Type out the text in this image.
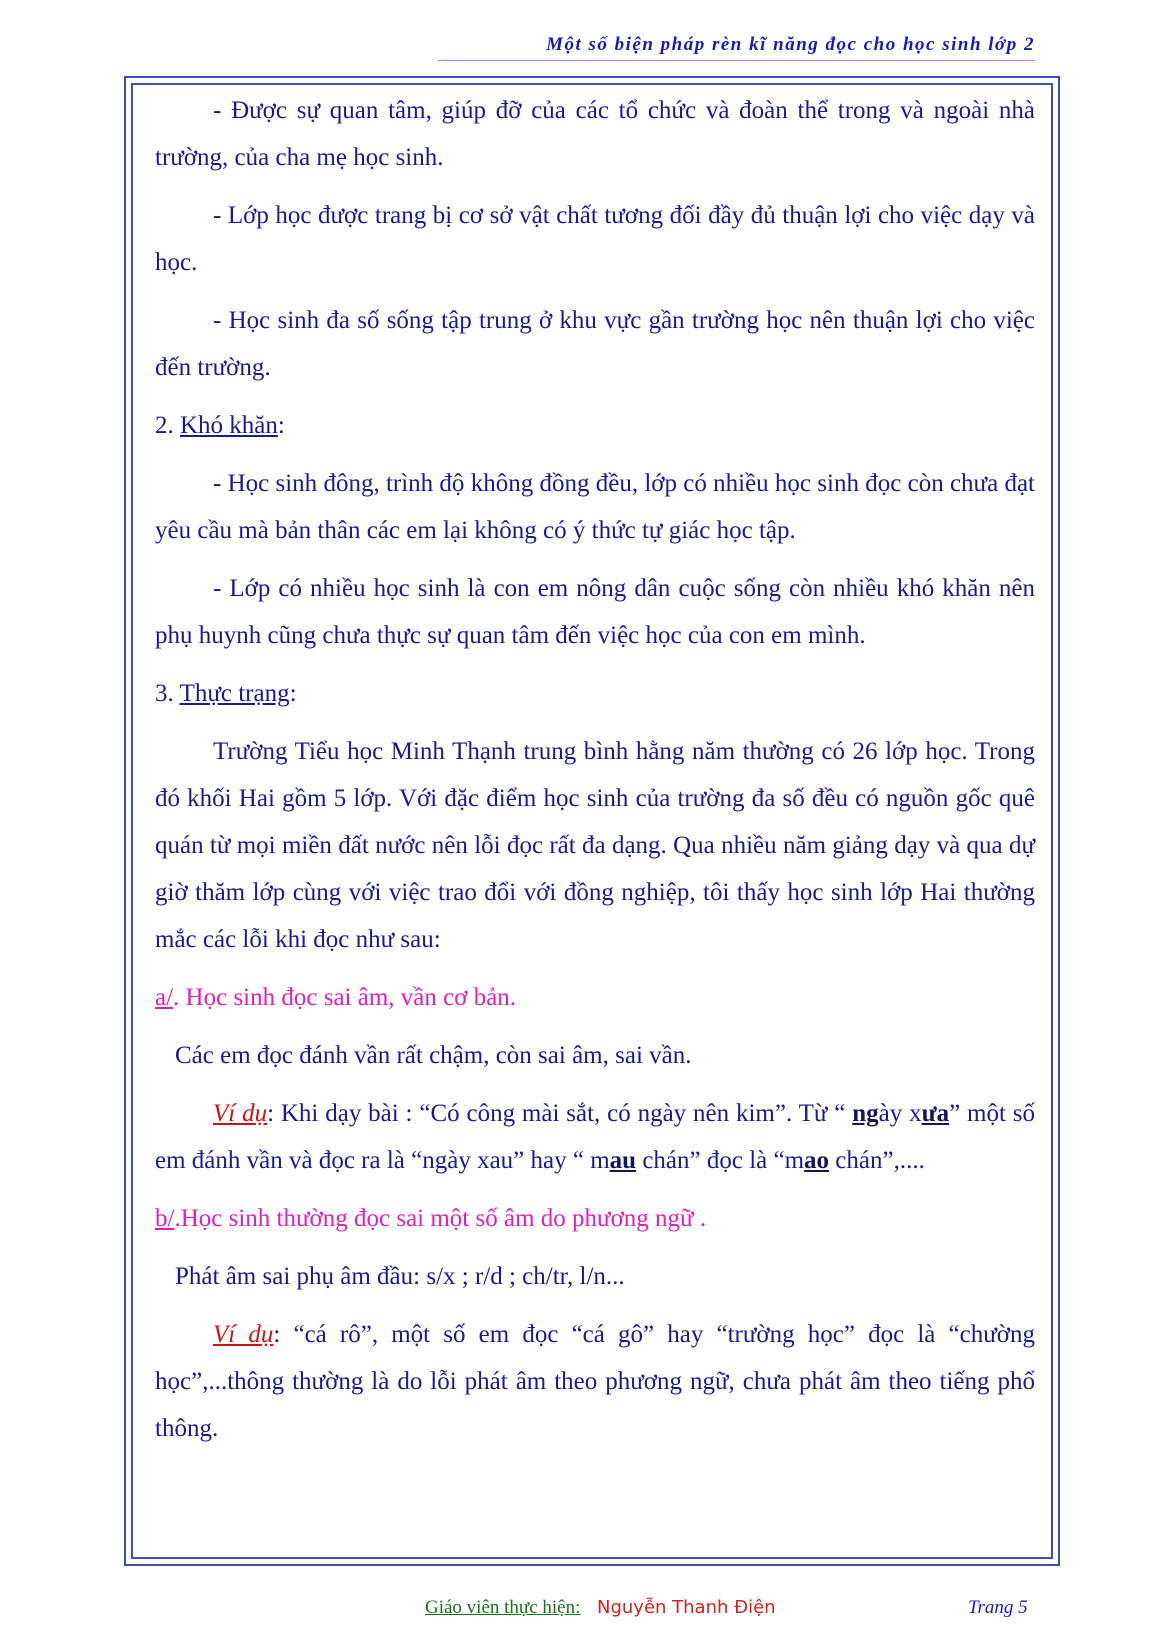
Một số biện pháp rèn kĩ năng đọc cho học sinh lớp 2

- Được sự quan tâm, giúp đỡ của các tổ chức và đoàn thể trong và ngoài nhà trường, của cha mẹ học sinh.

- Lớp học được trang bị cơ sở vật chất tương đối đầy đủ thuận lợi cho việc dạy và học.

- Học sinh đa số sống tập trung ở khu vực gần trường học nên thuận lợi cho việc đến trường.

2. Khó khăn:

- Học sinh đông, trình độ không đồng đều, lớp có nhiều học sinh đọc còn chưa đạt yêu cầu mà bản thân các em lại không có ý thức tự giác học tập.

- Lớp có nhiều học sinh là con em nông dân cuộc sống còn nhiều khó khăn nên phụ huynh cũng chưa thực sự quan tâm đến việc học của con em mình.

3. Thực trạng:

Trường Tiểu học Minh Thạnh trung bình hằng năm thường có 26 lớp học. Trong đó khối Hai gồm 5 lớp. Với đặc điểm học sinh của trường đa số đều có nguồn gốc quê quán từ mọi miền đất nước nên lỗi đọc rất đa dạng. Qua nhiều năm giảng dạy và qua dự giờ thăm lớp cùng với việc trao đổi với đồng nghiệp, tôi thấy học sinh lớp Hai thường mắc các lỗi khi đọc như sau:

a/. Học sinh đọc sai âm, vần cơ bản.

Các em đọc đánh vần rất chậm, còn sai âm, sai vần.

Ví dụ: Khi dạy bài : “Có công mài sắt, có ngày nên kim”. Từ “ ngày xưa” một số em đánh vần và đọc ra là “ngày xau” hay “ mau chán” đọc là “mao chán”,....

b/.Học sinh thường đọc sai một số âm do phương ngữ .

Phát âm sai phụ âm đầu: s/x ; r/d ; ch/tr, l/n...

Ví dụ: “cá rô”, một số em đọc “cá gô” hay “trường học” đọc là “chường học”,...thông thường là do lỗi phát âm theo phương ngữ, chưa phát âm theo tiếng phổ thông.

Giáo viên thực hiện: Nguyễn Thanh Điện	Trang 5
